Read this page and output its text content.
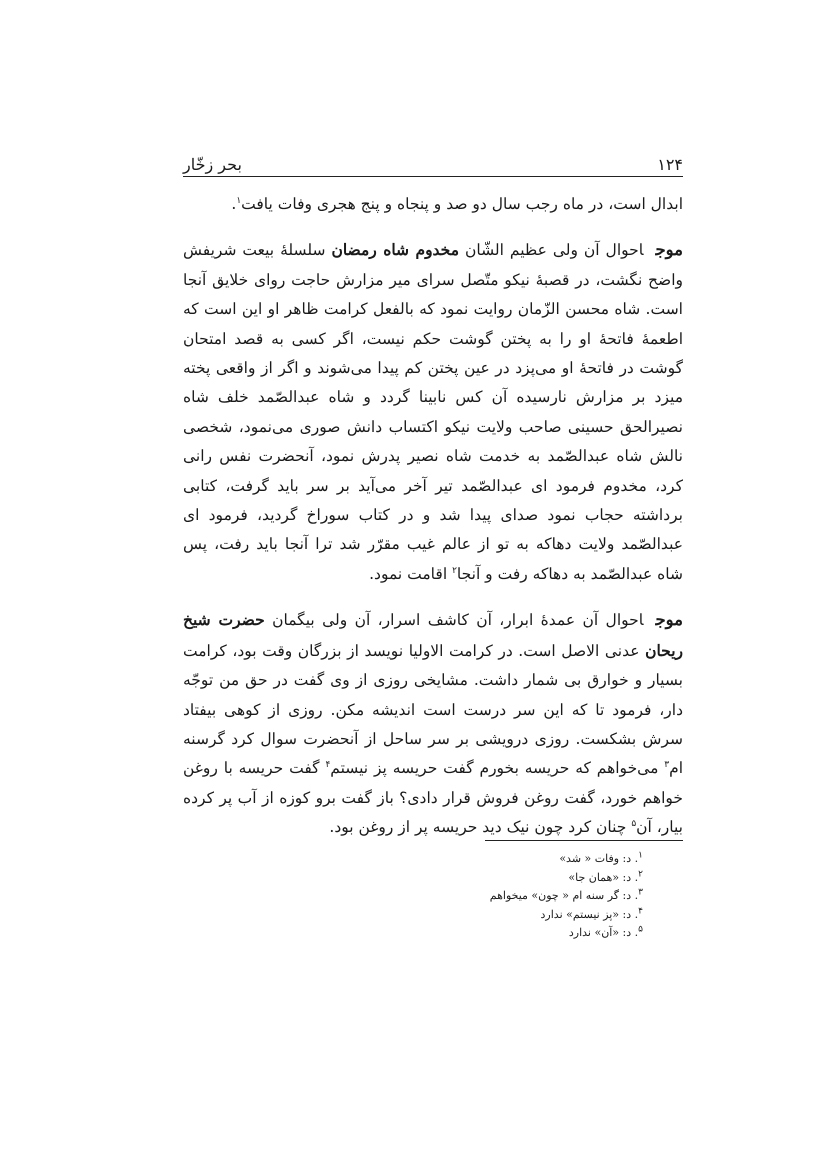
۱۲۴
بحر زخّار

ابدال است، در ماه رجب سال دو صد و پنجاه و پنج هجری وفات یافت$^۱$.

موجاحوال آن ولی عظیم الشّان مخدوم شاه رمضان سلسلهٔ بیعت شریفش واضح نگشت، در قصبهٔ نیکو متّصل سرای میر مزارش حاجت روای خلایق آنجا است. شاه محسن الزّمان روایت نمود که بالفعل کرامت ظاهر او این است که اطعمهٔ فاتحهٔ او را به پختن گوشت حکم نیست، اگر کسی به قصد امتحان گوشت در فاتحهٔ او می‌پزد در عین پختن کم پیدا می‌شوند و اگر از واقعی پخته میزد بر مزارش نارسیده آن کس نابینا گردد و شاه عبدالصّمد خلف شاه نصیرالحق حسینی صاحب ولایت نیکو اکتساب دانش صوری می‌نمود، شخصی نالش شاه عبدالصّمد به خدمت شاه نصیر پدرش نمود، آنحضرت نفس رانی کرد، مخدوم فرمود ای عبدالصّمد تیر آخر می‌آید بر سر باید گرفت، کتابی برداشته حجاب نمود صدای پیدا شد و در کتاب سوراخ گردید، فرمود ای عبدالصّمد ولایت دهاکه به تو از عالم غیب مقرّر شد ترا آنجا باید رفت، پس شاه عبدالصّمد به دهاکه رفت و آنجا$^۲$ اقامت نمود.

موجاحوال آن عمدهٔ ابرار، آن کاشف اسرار، آن ولی بیگمان حضرت شیخ ریحان عدنی الاصل است. در کرامت الاولیا نویسد از بزرگان وقت بود، کرامت بسیار و خوارق بی شمار داشت. مشایخی روزی از وی گفت در حق من توجّه دار، فرمود تا که این سر درست است اندیشه مکن. روزی از کوهی بیفتاد سرش بشکست. روزی درویشی بر سر ساحل از آنحضرت سوال کرد گرسنه ام$^۳$ می‌خواهم که حریسه بخورم گفت حریسه پز نیستم$^۴$ گفت حریسه با روغن خواهم خورد، گفت روغن فروش قرار دادی؟ باز گفت برو کوزه از آب پر کرده بیار، آن$^۵$ چنان کرد چون نیک دید حریسه پر از روغن بود.

$^۱$. د: وفات « شد»
$^۲$. د: «همان جا»
$^۳$. د: گر سنه ام « چون» میخواهم
$^۴$. د: «پز نیستم» ندارد
$^۵$. د: «آن» ندارد
